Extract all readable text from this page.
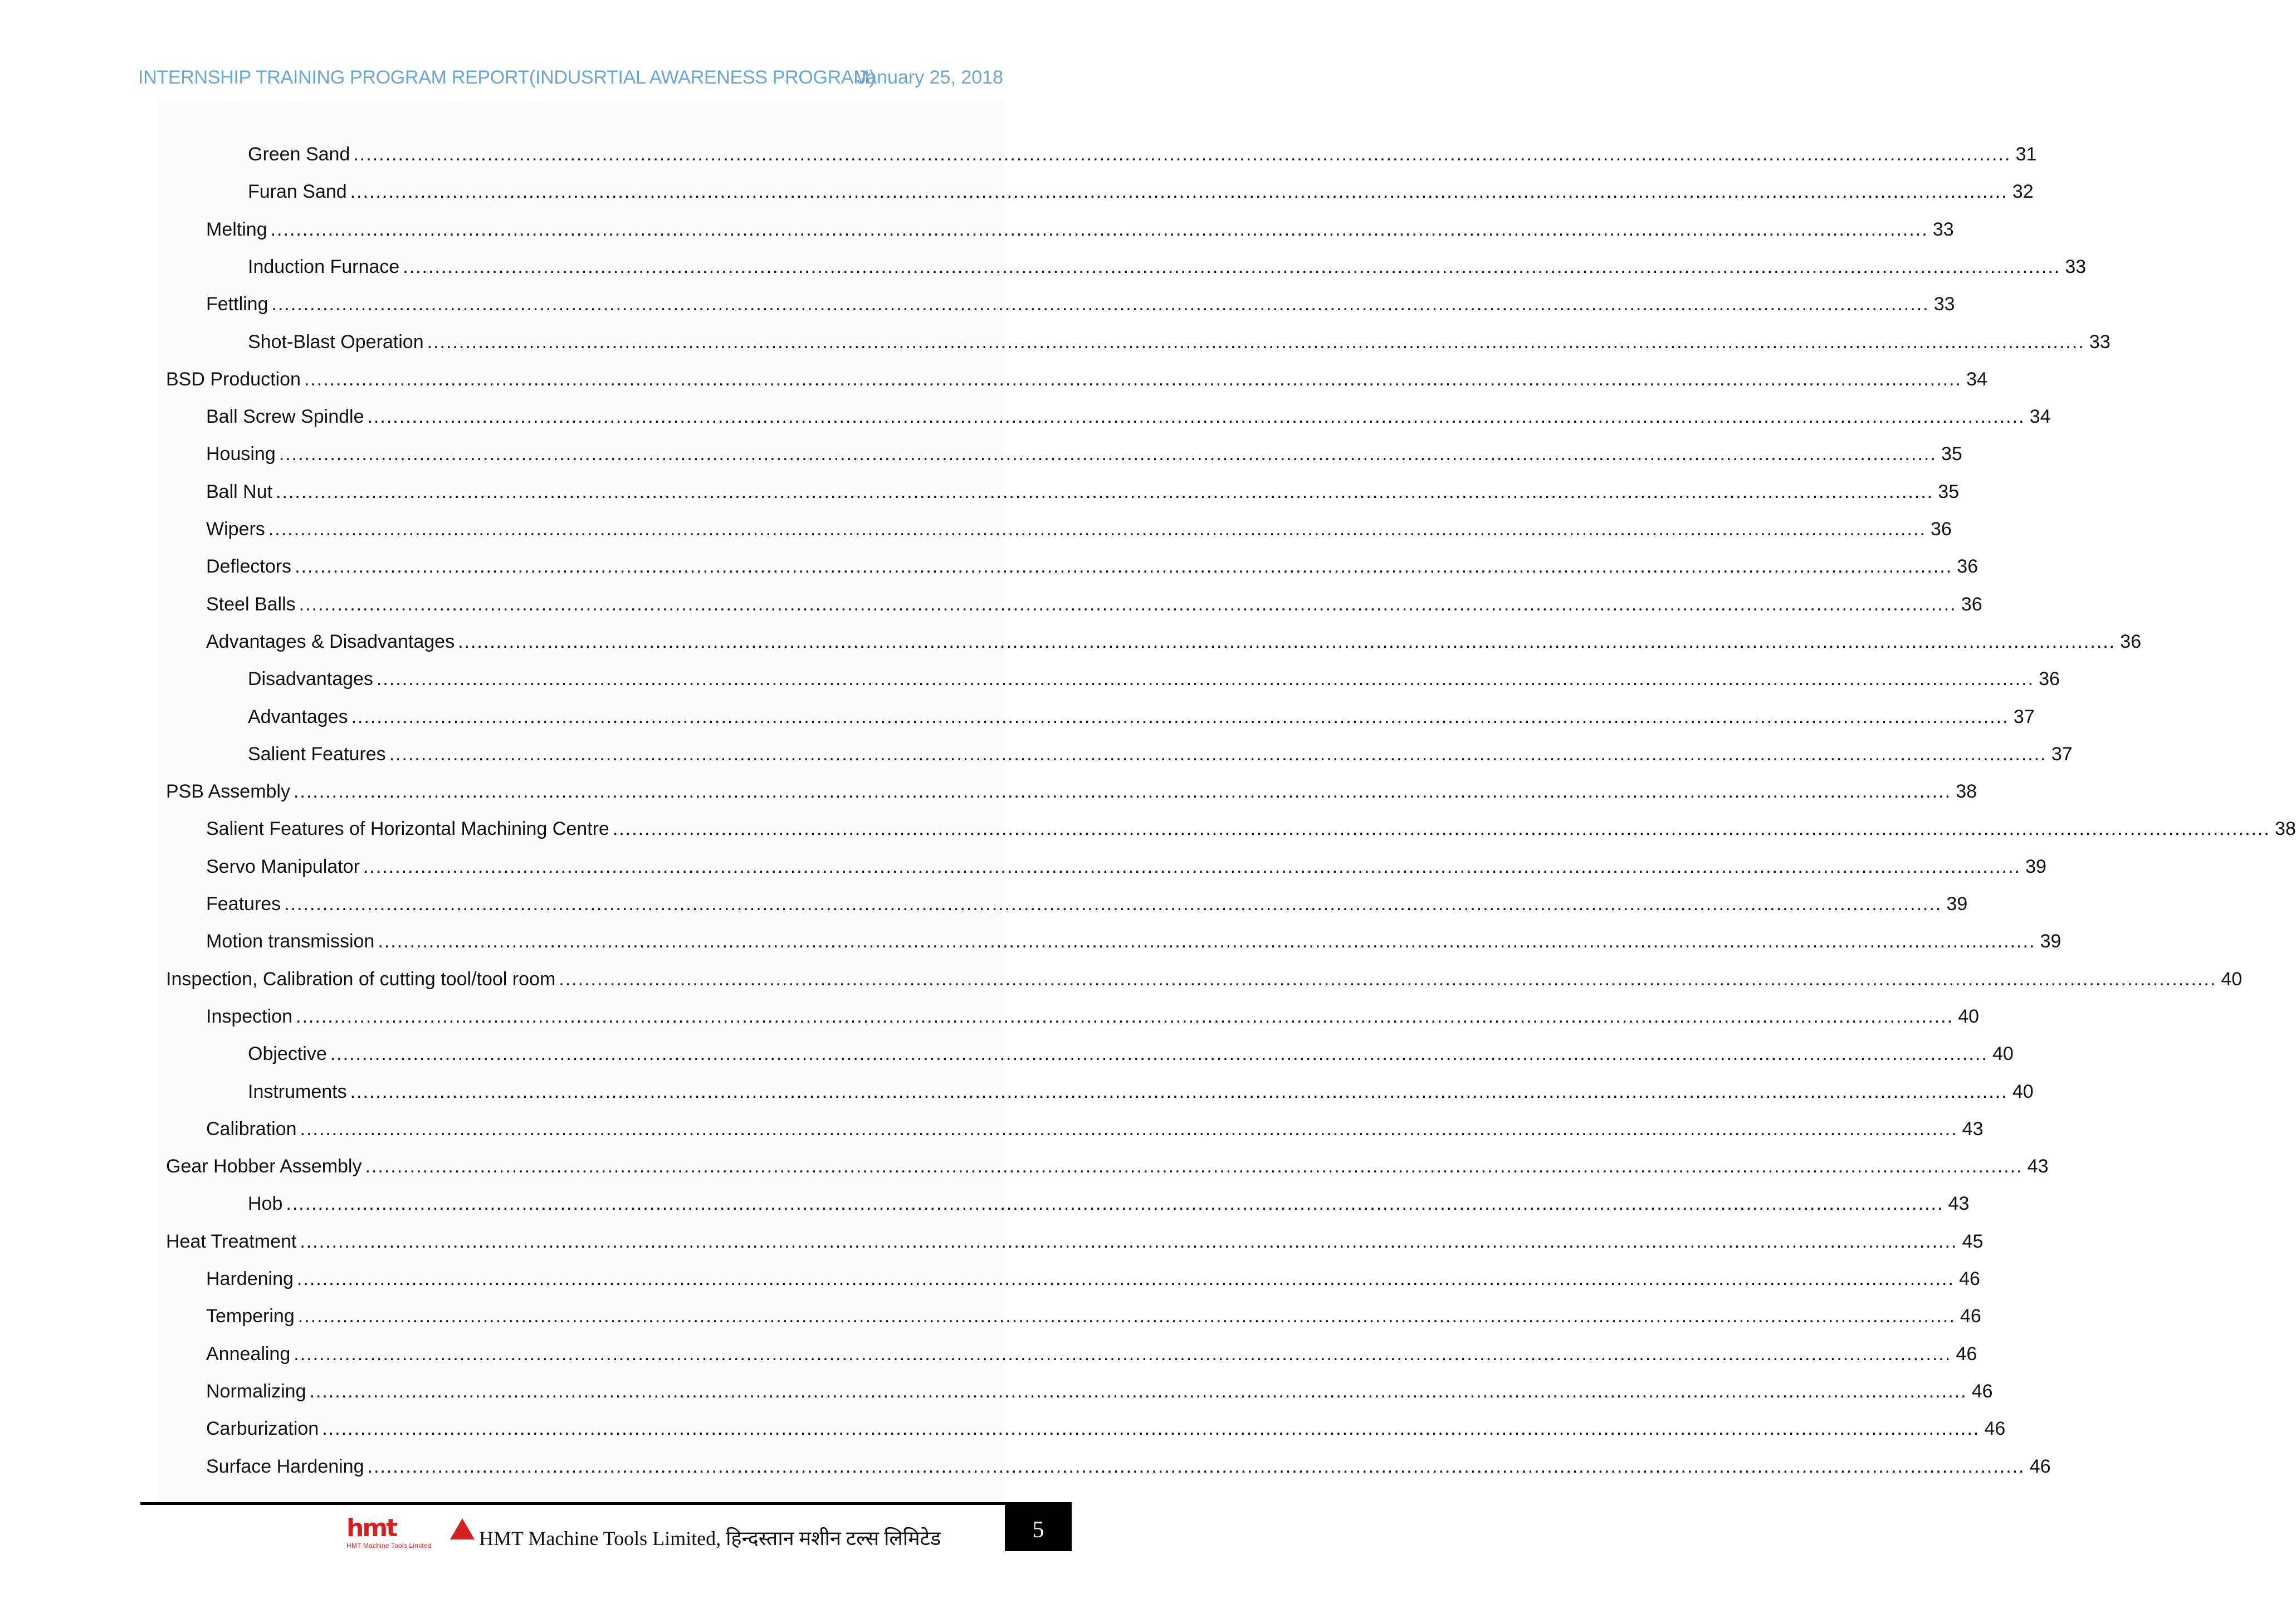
INTERNSHIP TRAINING PROGRAM REPORT(INDUSRTIAL AWARENESS PROGRAM)
January 25, 2018
Green Sand .................................................................................................................................................................................................................................................................... 31
Furan Sand .................................................................................................................................................................................................................................................................... 32
Melting .................................................................................................................................................................................................................................................................... 33
Induction Furnace .................................................................................................................................................................................................................................................................... 33
Fettling .................................................................................................................................................................................................................................................................... 33
Shot-Blast Operation .................................................................................................................................................................................................................................................................... 33
BSD Production .................................................................................................................................................................................................................................................................... 34
Ball Screw Spindle .................................................................................................................................................................................................................................................................... 34
Housing .................................................................................................................................................................................................................................................................... 35
Ball Nut .................................................................................................................................................................................................................................................................... 35
Wipers .................................................................................................................................................................................................................................................................... 36
Deflectors .................................................................................................................................................................................................................................................................... 36
Steel Balls .................................................................................................................................................................................................................................................................... 36
Advantages & Disadvantages .................................................................................................................................................................................................................................................................... 36
Disadvantages .................................................................................................................................................................................................................................................................... 36
Advantages .................................................................................................................................................................................................................................................................... 37
Salient Features .................................................................................................................................................................................................................................................................... 37
PSB Assembly .................................................................................................................................................................................................................................................................... 38
Salient Features of Horizontal Machining Centre .................................................................................................................................................................................................................................................................... 38
Servo Manipulator .................................................................................................................................................................................................................................................................... 39
Features .................................................................................................................................................................................................................................................................... 39
Motion transmission .................................................................................................................................................................................................................................................................... 39
Inspection, Calibration of cutting tool/tool room .................................................................................................................................................................................................................................................................... 40
Inspection .................................................................................................................................................................................................................................................................... 40
Objective .................................................................................................................................................................................................................................................................... 40
Instruments .................................................................................................................................................................................................................................................................... 40
Calibration .................................................................................................................................................................................................................................................................... 43
Gear Hobber Assembly .................................................................................................................................................................................................................................................................... 43
Hob .................................................................................................................................................................................................................................................................... 43
Heat Treatment .................................................................................................................................................................................................................................................................... 45
Hardening .................................................................................................................................................................................................................................................................... 46
Tempering .................................................................................................................................................................................................................................................................... 46
Annealing .................................................................................................................................................................................................................................................................... 46
Normalizing .................................................................................................................................................................................................................................................................... 46
Carburization .................................................................................................................................................................................................................................................................... 46
Surface Hardening .................................................................................................................................................................................................................................................................... 46
hmt
HMT Machine Tools Limited HMT Machine Tools Limited, हिन्दस्तान मशीन टल्स लिमिटेड	5
